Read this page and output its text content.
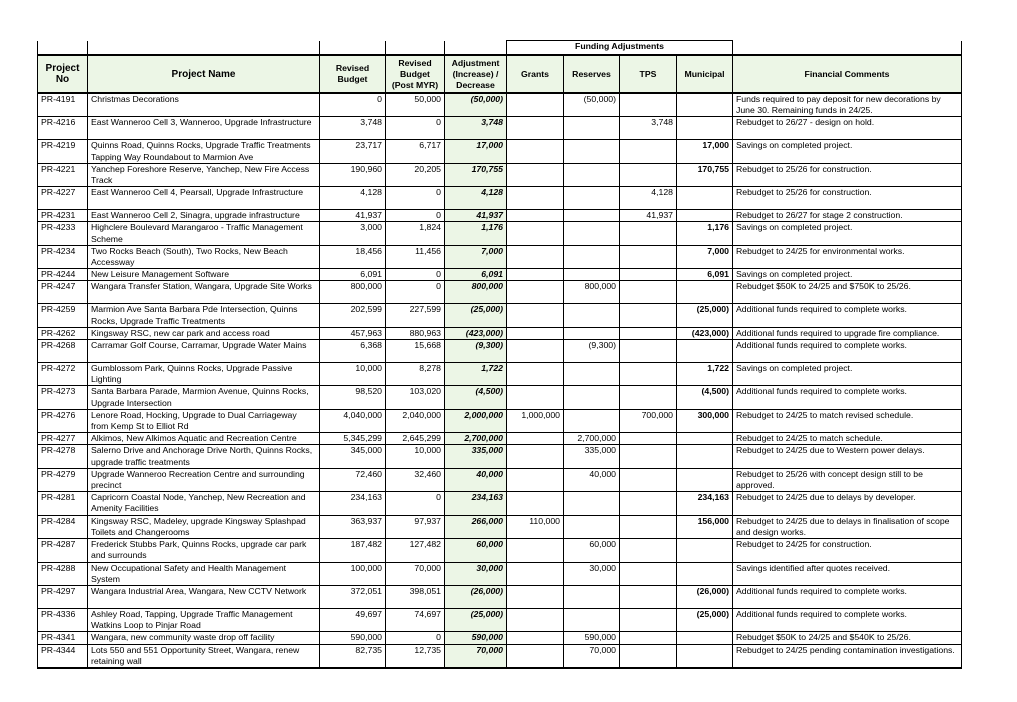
					Funding Adjustments				
Project No	Project Name	Revised Budget	Revised Budget (Post MYR)	Adjustment (Increase) / Decrease	Grants	Reserves	TPS	Municipal	Financial Comments
PR-4191	Christmas Decorations	0	50,000	(50,000)		(50,000)			Funds required to pay deposit for new decorations by June 30. Remaining funds in 24/25.
PR-4216	East Wanneroo Cell 3, Wanneroo, Upgrade Infrastructure	3,748	0	3,748			3,748		Rebudget to 26/27 - design on hold.
PR-4219	Quinns Road, Quinns Rocks, Upgrade Traffic Treatments Tapping Way Roundabout to Marmion Ave	23,717	6,717	17,000				17,000	Savings on completed project.
PR-4221	Yanchep Foreshore Reserve, Yanchep, New Fire Access Track	190,960	20,205	170,755				170,755	Rebudget to 25/26 for construction.
PR-4227	East Wanneroo Cell 4, Pearsall, Upgrade Infrastructure	4,128	0	4,128			4,128		Rebudget to 25/26 for construction.
PR-4231	East Wanneroo Cell 2, Sinagra, upgrade infrastructure	41,937	0	41,937			41,937		Rebudget to 26/27 for stage 2 construction.
PR-4233	Highclere Boulevard Marangaroo - Traffic Management Scheme	3,000	1,824	1,176				1,176	Savings on completed project.
PR-4234	Two Rocks Beach (South), Two Rocks, New Beach Accessway	18,456	11,456	7,000				7,000	Rebudget to 24/25 for environmental works.
PR-4244	New Leisure Management Software	6,091	0	6,091				6,091	Savings on completed project.
PR-4247	Wangara Transfer Station, Wangara, Upgrade Site Works	800,000	0	800,000		800,000			Rebudget $50K to 24/25 and $750K to 25/26.
PR-4259	Marmion Ave Santa Barbara Pde Intersection, Quinns Rocks, Upgrade Traffic Treatments	202,599	227,599	(25,000)				(25,000)	Additional funds required to complete works.
PR-4262	Kingsway RSC, new car park and access road	457,963	880,963	(423,000)				(423,000)	Additional funds required to upgrade fire compliance.
PR-4268	Carramar Golf Course, Carramar, Upgrade Water Mains	6,368	15,668	(9,300)		(9,300)			Additional funds required to complete works.
PR-4272	Gumblossom Park, Quinns Rocks, Upgrade Passive Lighting	10,000	8,278	1,722				1,722	Savings on completed project.
PR-4273	Santa Barbara Parade, Marmion Avenue, Quinns Rocks, Upgrade Intersection	98,520	103,020	(4,500)				(4,500)	Additional funds required to complete works.
PR-4276	Lenore Road, Hocking, Upgrade to Dual Carriageway from Kemp St to Elliot Rd	4,040,000	2,040,000	2,000,000	1,000,000		700,000	300,000	Rebudget to 24/25 to match revised schedule.
PR-4277	Alkimos, New Alkimos Aquatic and Recreation Centre	5,345,299	2,645,299	2,700,000		2,700,000			Rebudget to 24/25 to match schedule.
PR-4278	Salerno Drive and Anchorage Drive North, Quinns Rocks, upgrade traffic treatments	345,000	10,000	335,000		335,000			Rebudget to 24/25 due to Western power delays.
PR-4279	Upgrade Wanneroo Recreation Centre and surrounding precinct	72,460	32,460	40,000		40,000			Rebudget to 25/26 with concept design still to be approved.
PR-4281	Capricorn Coastal Node, Yanchep, New Recreation and Amenity Facilities	234,163	0	234,163				234,163	Rebudget to 24/25 due to delays by developer.
PR-4284	Kingsway RSC, Madeley, upgrade Kingsway Splashpad Toilets and Changerooms	363,937	97,937	266,000	110,000			156,000	Rebudget to 24/25 due to delays in finalisation of scope and design works.
PR-4287	Frederick Stubbs Park, Quinns Rocks, upgrade car park and surrounds	187,482	127,482	60,000		60,000			Rebudget to 24/25 for construction.
PR-4288	New Occupational Safety and Health Management System	100,000	70,000	30,000		30,000			Savings identified after quotes received.
PR-4297	Wangara Industrial Area, Wangara, New CCTV Network	372,051	398,051	(26,000)				(26,000)	Additional funds required to complete works.
PR-4336	Ashley Road, Tapping, Upgrade Traffic Management Watkins Loop to Pinjar Road	49,697	74,697	(25,000)				(25,000)	Additional funds required to complete works.
PR-4341	Wangara, new community waste drop off facility	590,000	0	590,000		590,000			Rebudget $50K to 24/25 and $540K to 25/26.
PR-4344	Lots 550 and 551 Opportunity Street, Wangara, renew retaining wall	82,735	12,735	70,000		70,000			Rebudget to 24/25 pending contamination investigations.
